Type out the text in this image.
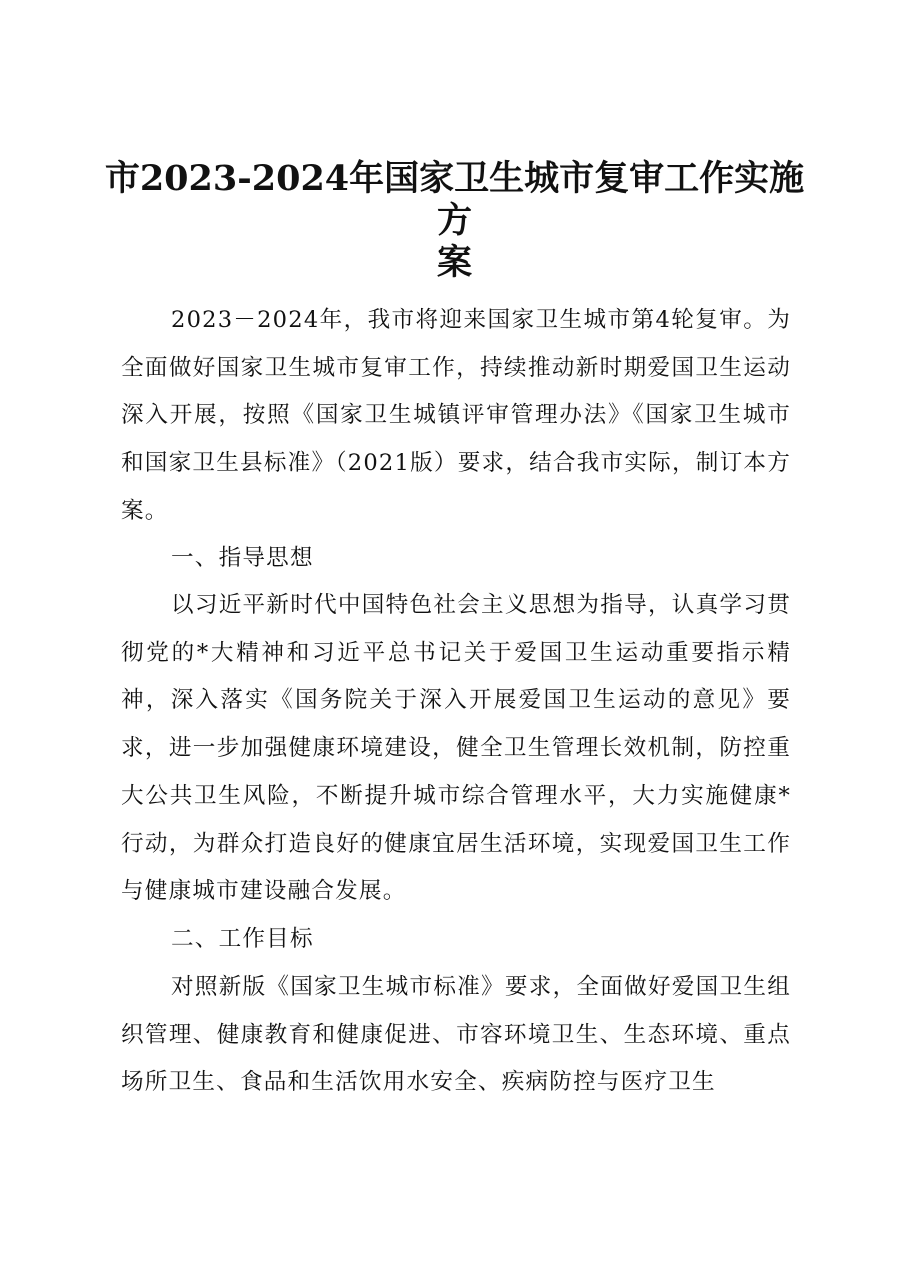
市2023-2024年国家卫生城市复审工作实施方
案

2023－2024年，我市将迎来国家卫生城市第4轮复审。为全面做好国家卫生城市复审工作，持续推动新时期爱国卫生运动深入开展，按照《国家卫生城镇评审管理办法》《国家卫生城市和国家卫生县标准》（2021版）要求，结合我市实际，制订本方案。

一、指导思想

以习近平新时代中国特色社会主义思想为指导，认真学习贯彻党的*大精神和习近平总书记关于爱国卫生运动重要指示精神，深入落实《国务院关于深入开展爱国卫生运动的意见》要求，进一步加强健康环境建设，健全卫生管理长效机制，防控重大公共卫生风险，不断提升城市综合管理水平，大力实施健康*行动，为群众打造良好的健康宜居生活环境，实现爱国卫生工作与健康城市建设融合发展。

二、工作目标

对照新版《国家卫生城市标准》要求，全面做好爱国卫生组织管理、健康教育和健康促进、市容环境卫生、生态环境、重点场所卫生、食品和生活饮用水安全、疾病防控与医疗卫生
